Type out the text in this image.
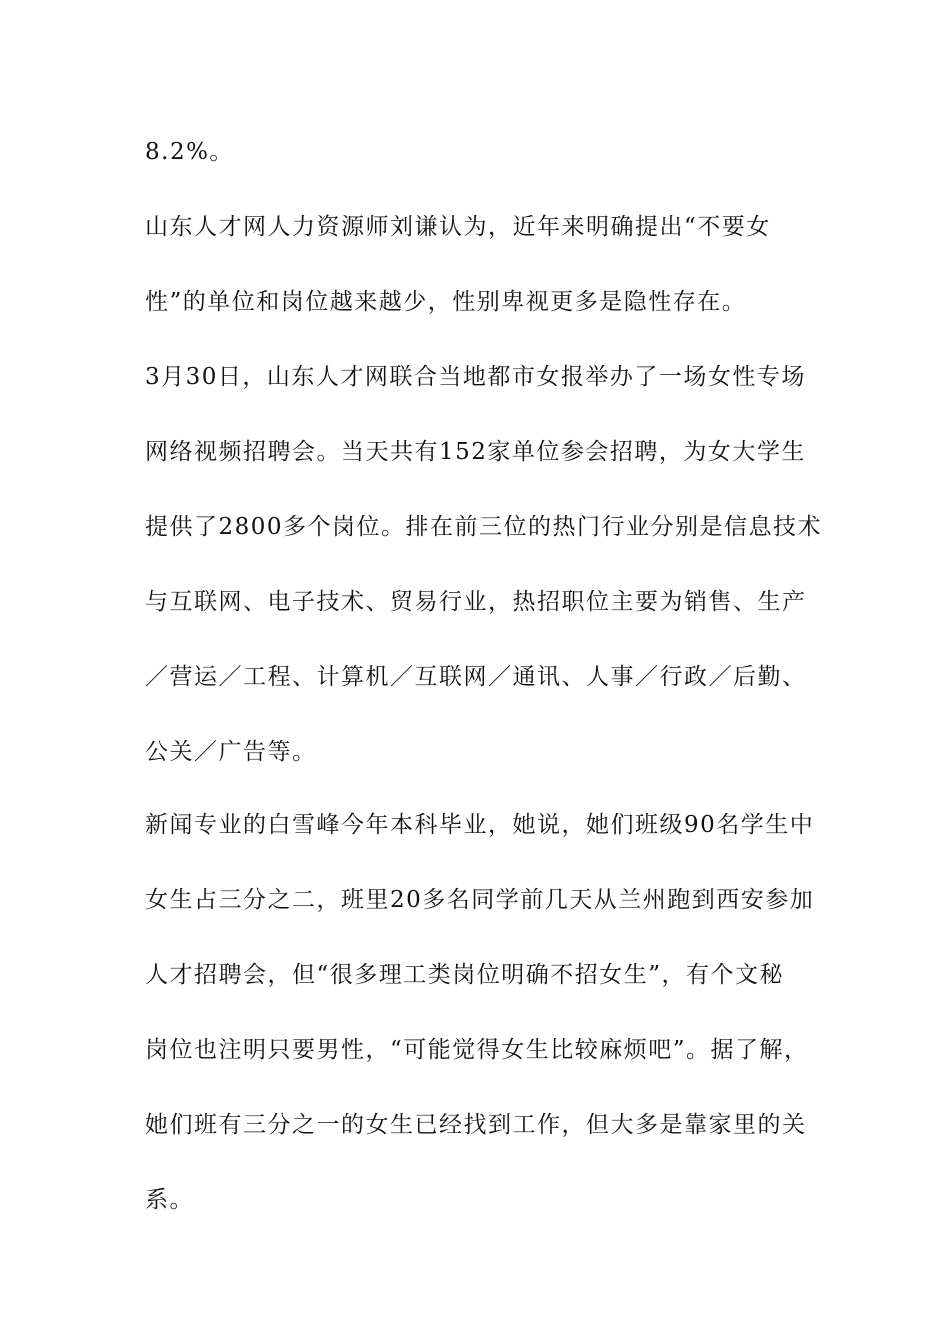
8.2%。
山东人才网人力资源师刘谦认为，近年来明确提出“不要女
性”的单位和岗位越来越少，性别卑视更多是隐性存在。
3月30日，山东人才网联合当地都市女报举办了一场女性专场
网络视频招聘会。当天共有152家单位参会招聘，为女大学生
提供了2800多个岗位。排在前三位的热门行业分别是信息技术
与互联网、电子技术、贸易行业，热招职位主要为销售、生产
／营运／工程、计算机／互联网／通讯、人事／行政／后勤、
公关／广告等。
新闻专业的白雪峰今年本科毕业，她说，她们班级90名学生中
女生占三分之二，班里20多名同学前几天从兰州跑到西安参加
人才招聘会，但“很多理工类岗位明确不招女生”，有个文秘
岗位也注明只要男性，“可能觉得女生比较麻烦吧”。据了解，
她们班有三分之一的女生已经找到工作，但大多是靠家里的关
系。
